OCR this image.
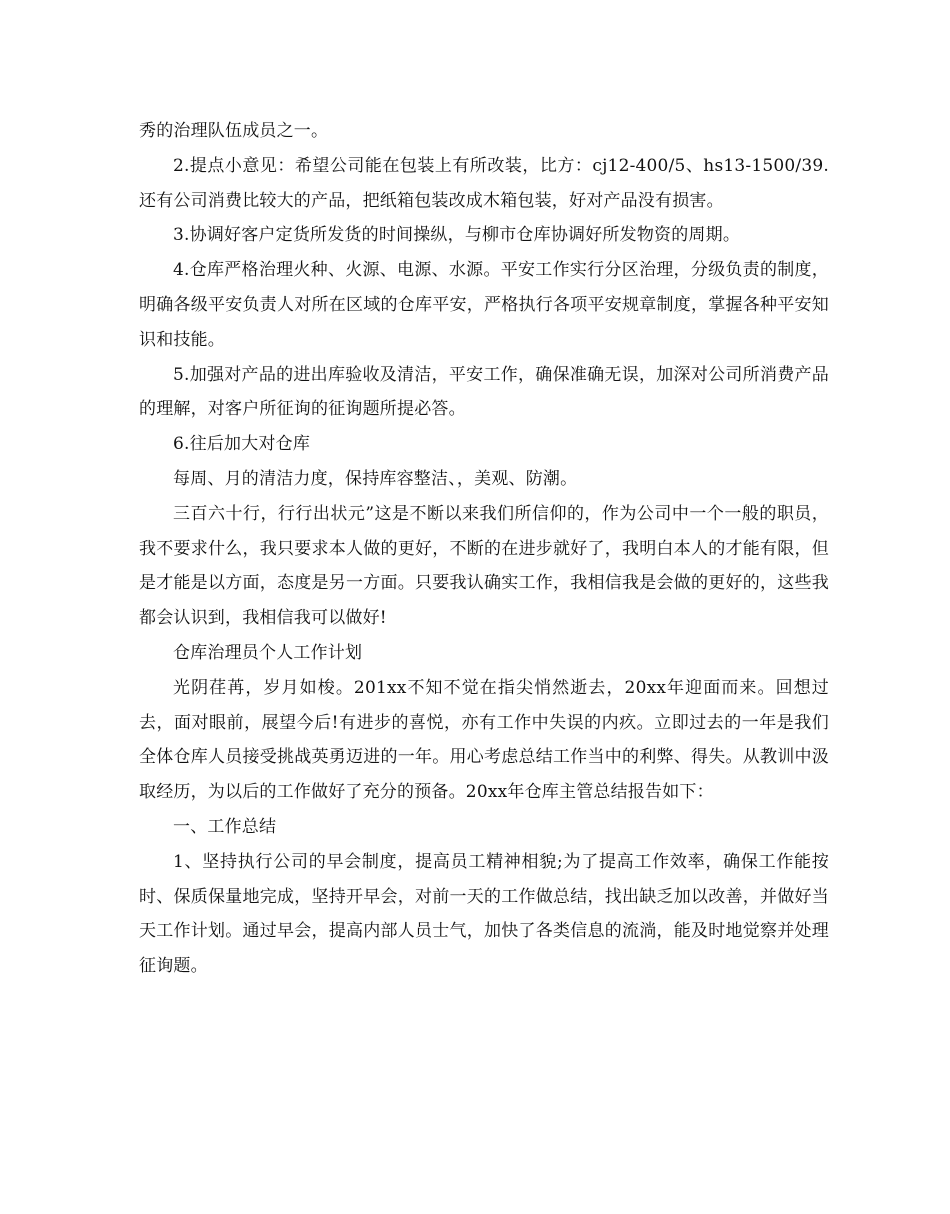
秀的治理队伍成员之一。

2.提点小意见：希望公司能在包装上有所改装，比方：cj12-400/5、hs13-1500/39.还有公司消费比较大的产品，把纸箱包装改成木箱包装，好对产品没有损害。

3.协调好客户定货所发货的时间操纵，与柳市仓库协调好所发物资的周期。

4.仓库严格治理火种、火源、电源、水源。平安工作实行分区治理，分级负责的制度，明确各级平安负责人对所在区域的仓库平安，严格执行各项平安规章制度，掌握各种平安知识和技能。

5.加强对产品的进出库验收及清洁，平安工作，确保准确无误，加深对公司所消费产品的理解，对客户所征询的征询题所提必答。

6.往后加大对仓库

每周、月的清洁力度，保持库容整洁、，美观、防潮。

三百六十行，行行出状元”这是不断以来我们所信仰的，作为公司中一个一般的职员，我不要求什么，我只要求本人做的更好，不断的在进步就好了，我明白本人的才能有限，但是才能是以方面，态度是另一方面。只要我认确实工作，我相信我是会做的更好的，这些我都会认识到，我相信我可以做好!

仓库治理员个人工作计划

光阴荏苒，岁月如梭。201xx不知不觉在指尖悄然逝去，20xx年迎面而来。回想过去，面对眼前，展望今后!有进步的喜悦，亦有工作中失误的内疚。立即过去的一年是我们全体仓库人员接受挑战英勇迈进的一年。用心考虑总结工作当中的利弊、得失。从教训中汲取经历，为以后的工作做好了充分的预备。20xx年仓库主管总结报告如下：

一、工作总结

1、坚持执行公司的早会制度，提高员工精神相貌;为了提高工作效率，确保工作能按时、保质保量地完成，坚持开早会，对前一天的工作做总结，找出缺乏加以改善，并做好当天工作计划。通过早会，提高内部人员士气，加快了各类信息的流淌，能及时地觉察并处理征询题。
